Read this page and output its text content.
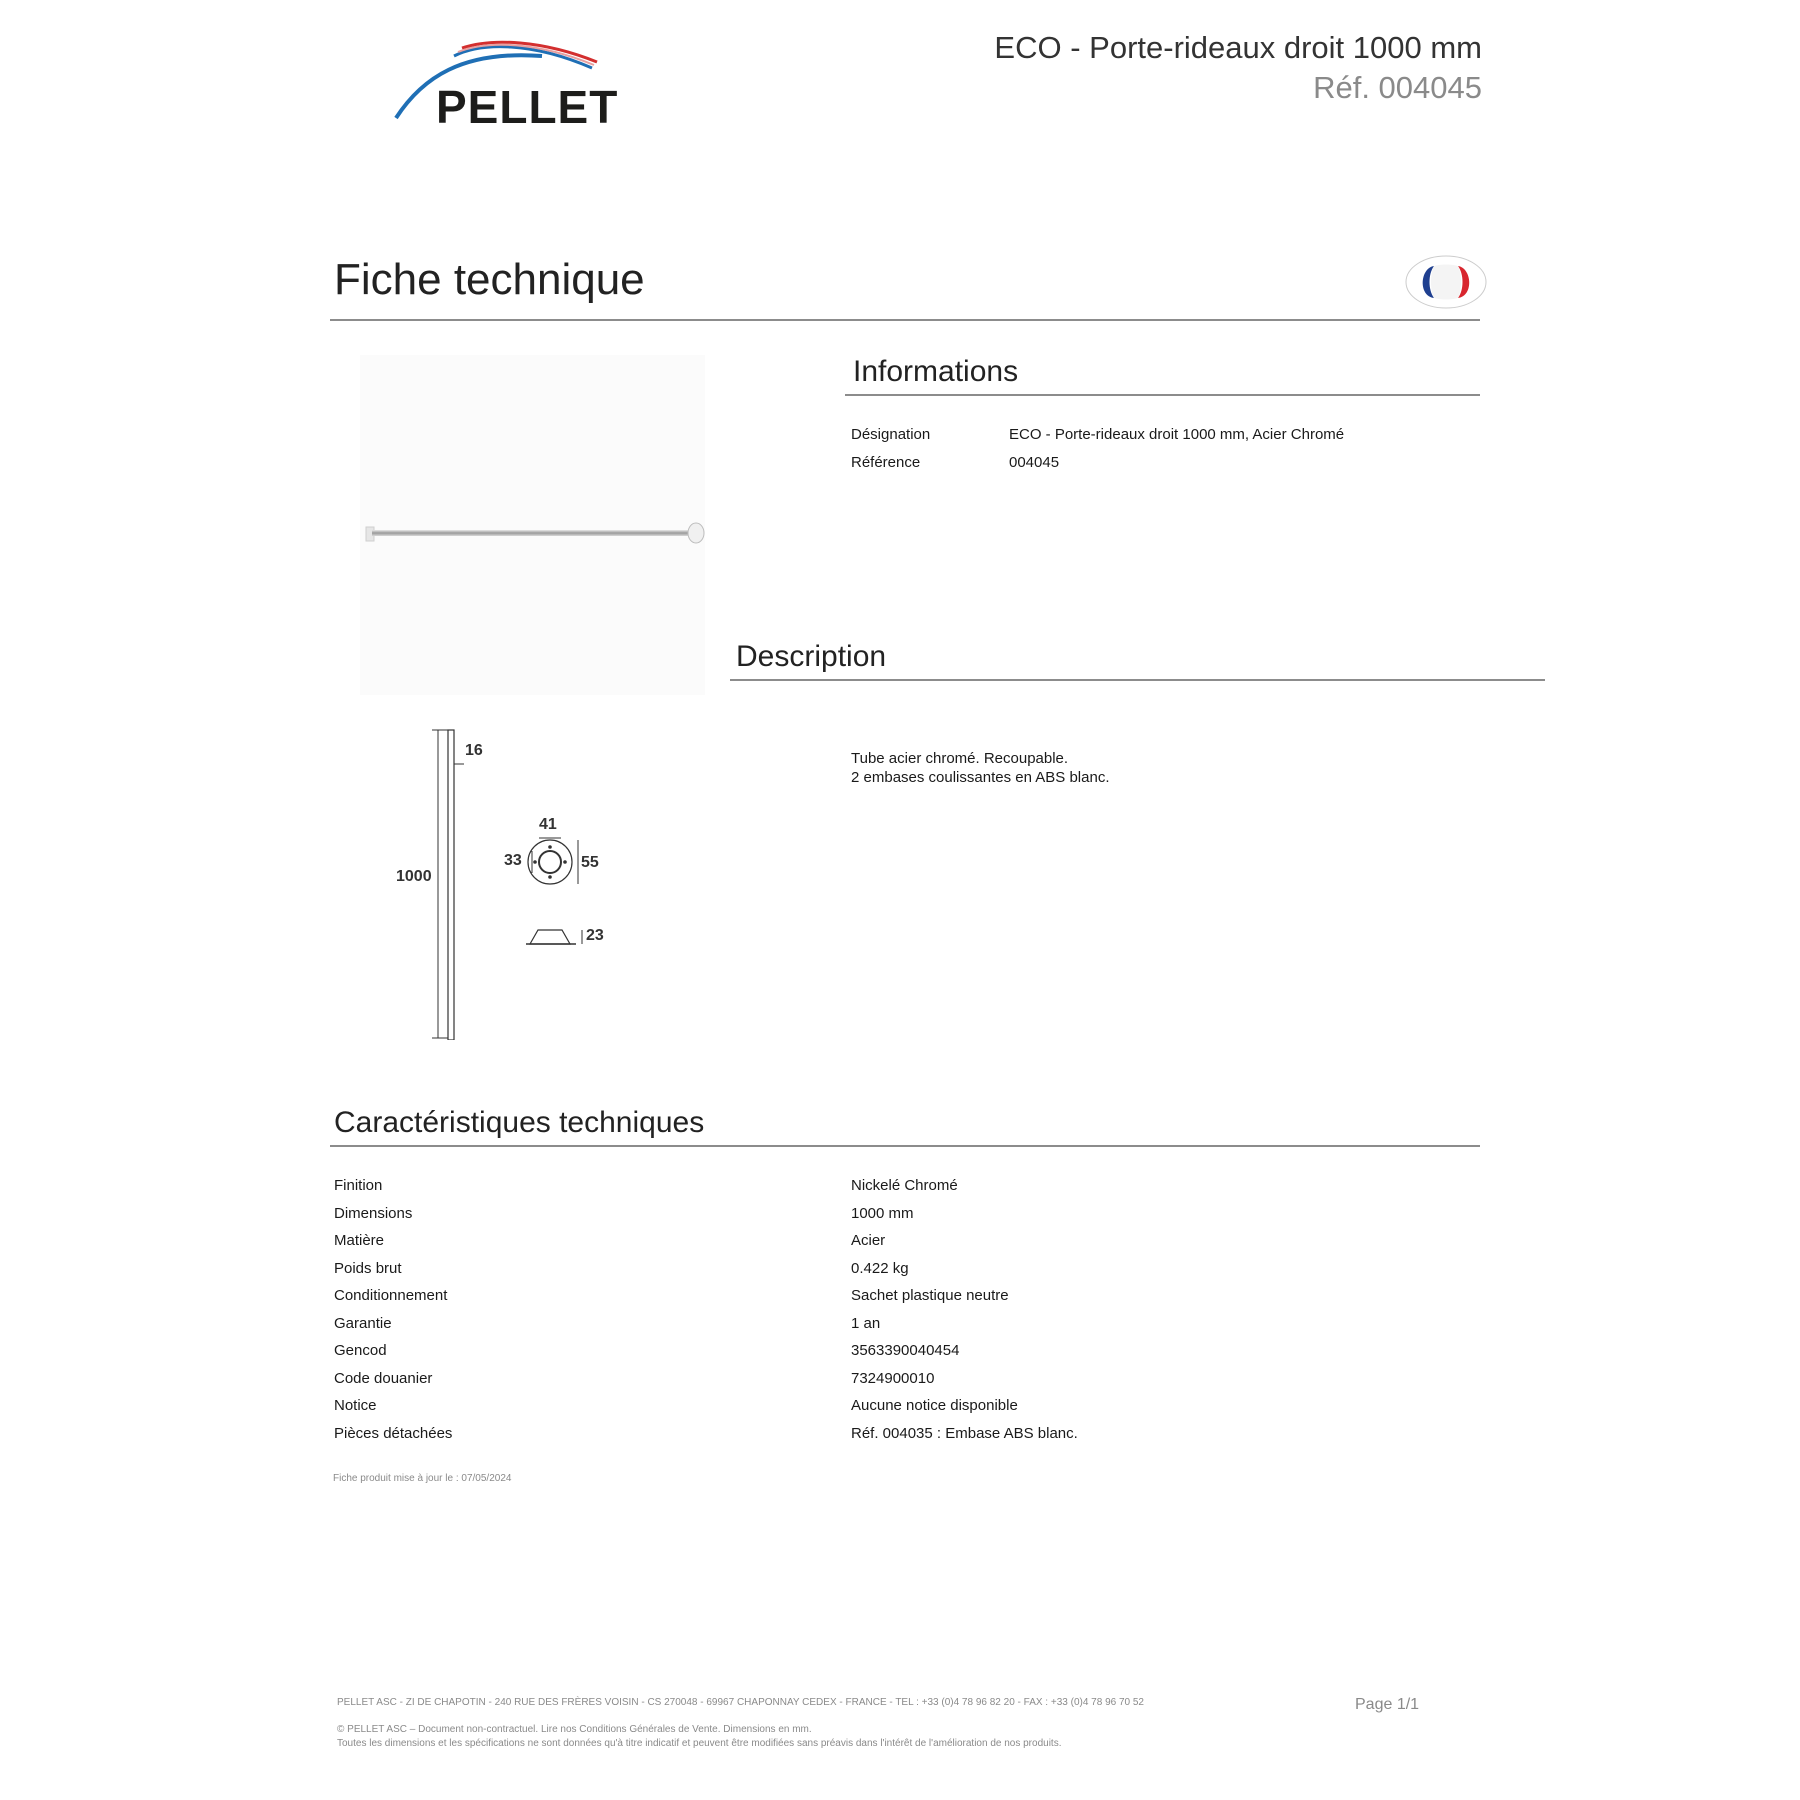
PELLET
ECO - Porte-rideaux droit 1000 mm
Réf. 004045
Fiche technique
16
1000
41
33	55
23
Informations
Désignation	ECO - Porte-rideaux droit 1000 mm, Acier Chromé
Référence	004045
Description
Tube acier chromé. Recoupable.
2 embases coulissantes en ABS blanc.
Caractéristiques techniques
Finition	Nickelé Chromé
Dimensions	1000 mm
Matière	Acier
Poids brut	0.422 kg
Conditionnement	Sachet plastique neutre
Garantie	1 an
Gencod	3563390040454
Code douanier	7324900010
Notice	Aucune notice disponible
Pièces détachées	Réf. 004035 : Embase ABS blanc.
Fiche produit mise à jour le : 07/05/2024
PELLET ASC - ZI DE CHAPOTIN - 240 RUE DES FRÈRES VOISIN - CS 270048 - 69967 CHAPONNAY CEDEX - FRANCE - TEL : +33 (0)4 78 96 82 20 - FAX : +33 (0)4 78 96 70 52	Page 1/1
© PELLET ASC – Document non-contractuel. Lire nos Conditions Générales de Vente. Dimensions en mm.
Toutes les dimensions et les spécifications ne sont données qu'à titre indicatif et peuvent être modifiées sans préavis dans l'intérêt de l'amélioration de nos produits.
